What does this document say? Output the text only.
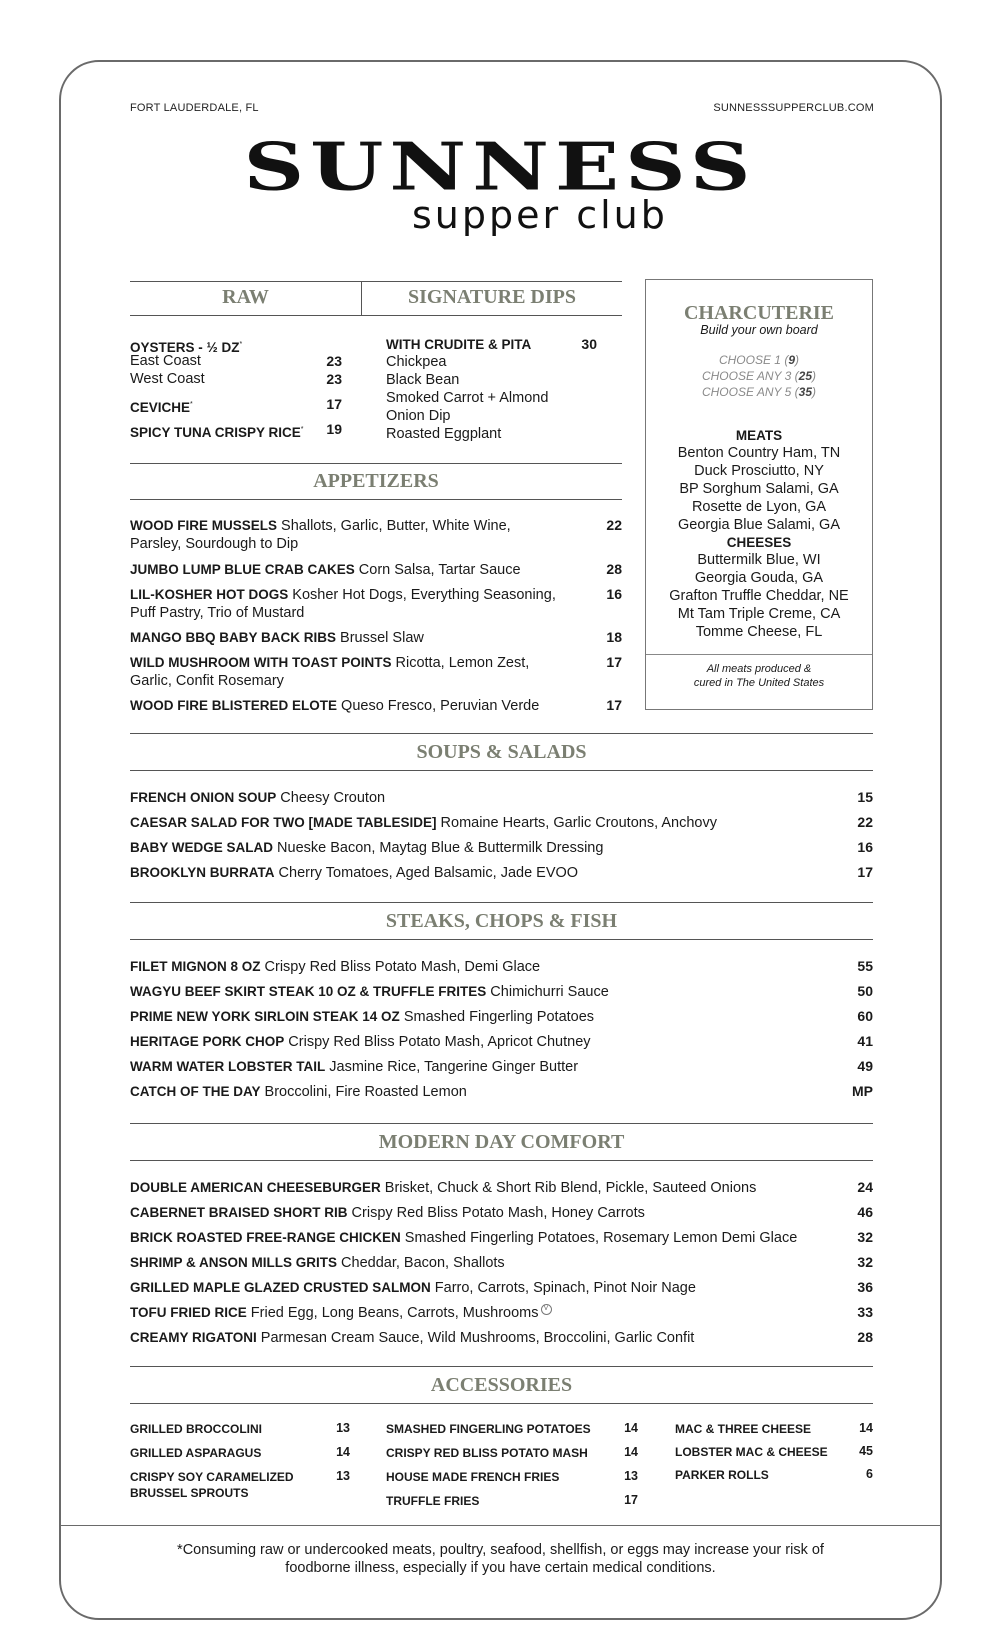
FORT LAUDERDALE, FL	SUNNESSSUPPERCLUB.COM
SUNNESS
supper club
RAW	SIGNATURE DIPS
OYSTERS - ½ DZ*
East Coast	23
West Coast	23
CEVICHE*	17
SPICY TUNA CRISPY RICE*	19
WITH CRUDITE & PITA	30
Chickpea
Black Bean
Smoked Carrot + Almond
Onion Dip
Roasted Eggplant
APPETIZERS
WOOD FIRE MUSSELS Shallots, Garlic, Butter, White Wine,
Parsley, Sourdough to Dip
22
JUMBO LUMP BLUE CRAB CAKES Corn Salsa, Tartar Sauce	28
LIL-KOSHER HOT DOGS Kosher Hot Dogs, Everything Seasoning,
Puff Pastry, Trio of Mustard
16
MANGO BBQ BABY BACK RIBS Brussel Slaw	18
WILD MUSHROOM WITH TOAST POINTS Ricotta, Lemon Zest,
Garlic, Confit Rosemary
17
WOOD FIRE BLISTERED ELOTE Queso Fresco, Peruvian Verde	17
CHARCUTERIE
Build your own board
CHOOSE 1 (9)
CHOOSE ANY 3 (25)
CHOOSE ANY 5 (35)
MEATS
Benton Country Ham, TN
Duck Prosciutto, NY
BP Sorghum Salami, GA
Rosette de Lyon, GA
Georgia Blue Salami, GA
CHEESES
Buttermilk Blue, WI
Georgia Gouda, GA
Grafton Truffle Cheddar, NE
Mt Tam Triple Creme, CA
Tomme Cheese, FL
All meats produced &
cured in The United States
SOUPS & SALADS
FRENCH ONION SOUP Cheesy Crouton	15
CAESAR SALAD FOR TWO [MADE TABLESIDE] Romaine Hearts, Garlic Croutons, Anchovy	22
BABY WEDGE SALAD Nueske Bacon, Maytag Blue & Buttermilk Dressing	16
BROOKLYN BURRATA Cherry Tomatoes, Aged Balsamic, Jade EVOO	17
STEAKS, CHOPS & FISH
FILET MIGNON 8 OZ Crispy Red Bliss Potato Mash, Demi Glace	55
WAGYU BEEF SKIRT STEAK 10 OZ & TRUFFLE FRITES Chimichurri Sauce	50
PRIME NEW YORK SIRLOIN STEAK 14 OZ Smashed Fingerling Potatoes	60
HERITAGE PORK CHOP Crispy Red Bliss Potato Mash, Apricot Chutney	41
WARM WATER LOBSTER TAIL Jasmine Rice, Tangerine Ginger Butter	49
CATCH OF THE DAY Broccolini, Fire Roasted Lemon	MP
MODERN DAY COMFORT
DOUBLE AMERICAN CHEESEBURGER Brisket, Chuck & Short Rib Blend, Pickle, Sauteed Onions	24
CABERNET BRAISED SHORT RIB Crispy Red Bliss Potato Mash, Honey Carrots	46
BRICK ROASTED FREE-RANGE CHICKEN Smashed Fingerling Potatoes, Rosemary Lemon Demi Glace	32
SHRIMP & ANSON MILLS GRITS Cheddar, Bacon, Shallots	32
GRILLED MAPLE GLAZED CRUSTED SALMON Farro, Carrots, Spinach, Pinot Noir Nage	36
TOFU FRIED RICE Fried Egg, Long Beans, Carrots, Mushrooms V	33
CREAMY RIGATONI Parmesan Cream Sauce, Wild Mushrooms, Broccolini, Garlic Confit	28
ACCESSORIES
GRILLED BROCCOLINI	13
GRILLED ASPARAGUS	14
CRISPY SOY CARAMELIZED
BRUSSEL SPROUTS
13
SMASHED FINGERLING POTATOES	14
CRISPY RED BLISS POTATO MASH	14
HOUSE MADE FRENCH FRIES	13
TRUFFLE FRIES	17
MAC & THREE CHEESE	14
LOBSTER MAC & CHEESE	45
PARKER ROLLS	6
*Consuming raw or undercooked meats, poultry, seafood, shellfish, or eggs may increase your risk of
foodborne illness, especially if you have certain medical conditions.
